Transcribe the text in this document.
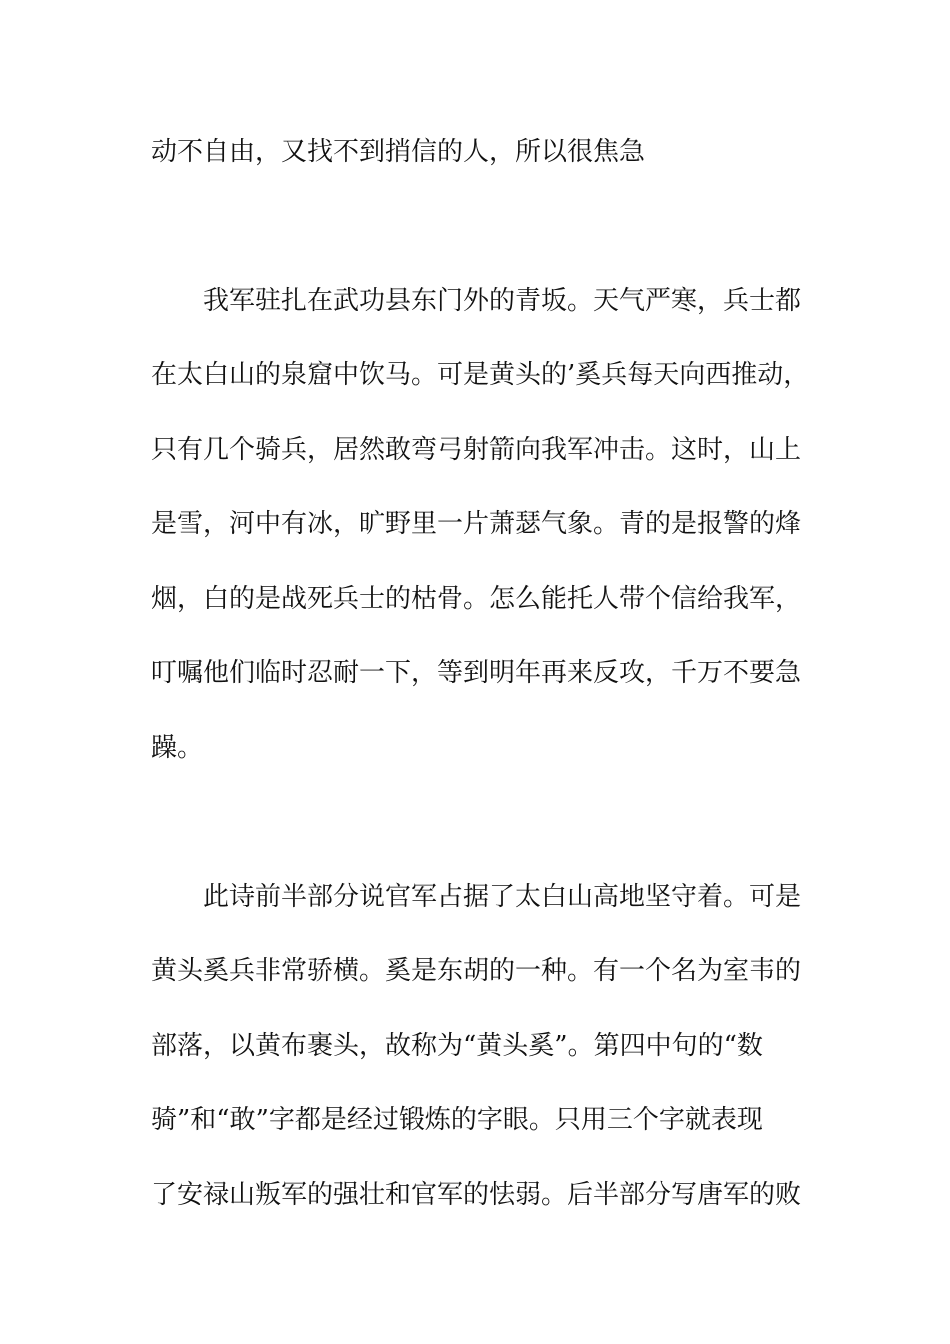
动不自由，又找不到捎信的人，所以很焦急
我军驻扎在武功县东门外的青坂。天气严寒，兵士都
在太白山的泉窟中饮马。可是黄头的’奚兵每天向西推动，
只有几个骑兵，居然敢弯弓射箭向我军冲击。这时，山上
是雪，河中有冰，旷野里一片萧瑟气象。青的是报警的烽
烟，白的是战死兵士的枯骨。怎么能托人带个信给我军，
叮嘱他们临时忍耐一下，等到明年再来反攻，千万不要急
躁。
此诗前半部分说官军占据了太白山高地坚守着。可是
黄头奚兵非常骄横。奚是东胡的一种。有一个名为室韦的
部落，以黄布裹头，故称为“黄头奚”。第四中句的“数
骑”和“敢”字都是经过锻炼的字眼。只用三个字就表现
了安禄山叛军的强壮和官军的怯弱。后半部分写唐军的败
